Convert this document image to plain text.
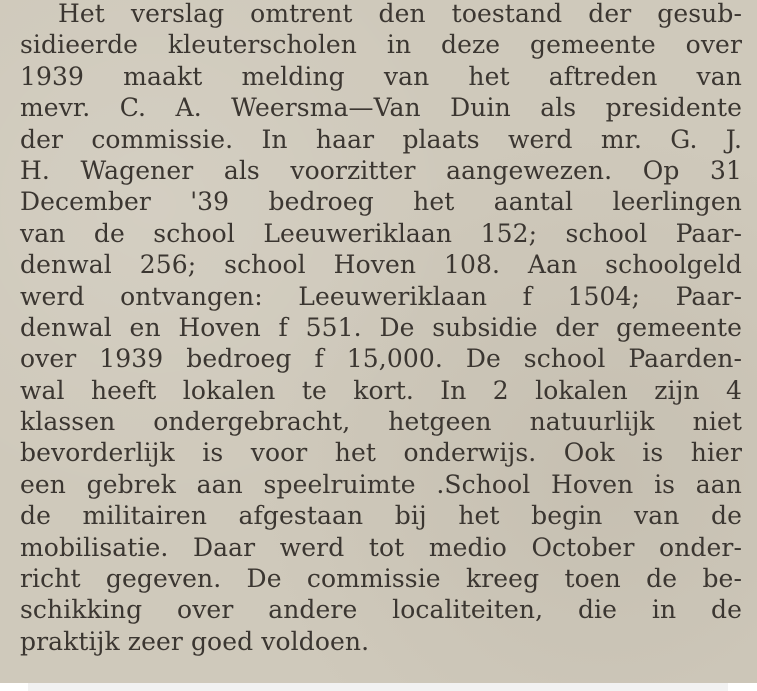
Het verslag omtrent den toestand der gesub-
sidieerde kleuterscholen in deze gemeente over
1939 maakt melding van het aftreden van
mevr. C. A. Weersma—Van Duin als presidente
der commissie. In haar plaats werd mr. G. J.
H. Wagener als voorzitter aangewezen. Op 31
December '39 bedroeg het aantal leerlingen
van de school Leeuweriklaan 152; school Paar-
denwal 256; school Hoven 108. Aan schoolgeld
werd ontvangen: Leeuweriklaan f 1504; Paar-
denwal en Hoven f 551. De subsidie der gemeente
over 1939 bedroeg f 15,000. De school Paarden-
wal heeft lokalen te kort. In 2 lokalen zijn 4
klassen ondergebracht, hetgeen natuurlijk niet
bevorderlijk is voor het onderwijs. Ook is hier
een gebrek aan speelruimte .School Hoven is aan
de militairen afgestaan bij het begin van de
mobilisatie. Daar werd tot medio October onder-
richt gegeven. De commissie kreeg toen de be-
schikking over andere localiteiten, die in de
praktijk zeer goed voldoen.
